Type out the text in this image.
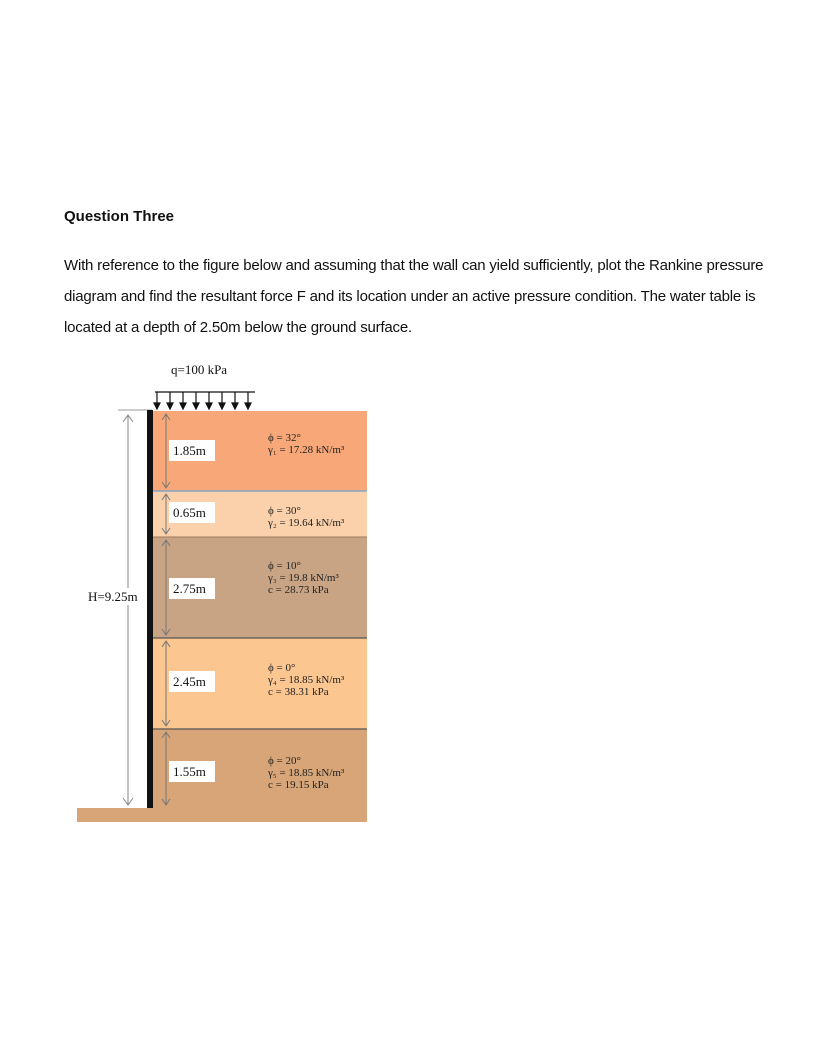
Question Three

With reference to the figure below and assuming that the wall can yield sufficiently, plot the Rankine pressure diagram and find the resultant force F and its location under an active pressure condition. The water table is located at a depth of 2.50m below the ground surface.

q=100 kPa
H=9.25m
1.85m
0.65m
2.75m
2.45m
1.55m
ϕ = 32°
γ₁ = 17.28 kN/m³
ϕ = 30°
γ₂ = 19.64 kN/m³
ϕ = 10°
γ₃ = 19.8 kN/m³
c = 28.73 kPa
ϕ = 0°
γ₄ = 18.85 kN/m³
c = 38.31 kPa
ϕ = 20°
γ₅ = 18.85 kN/m³
c = 19.15 kPa
